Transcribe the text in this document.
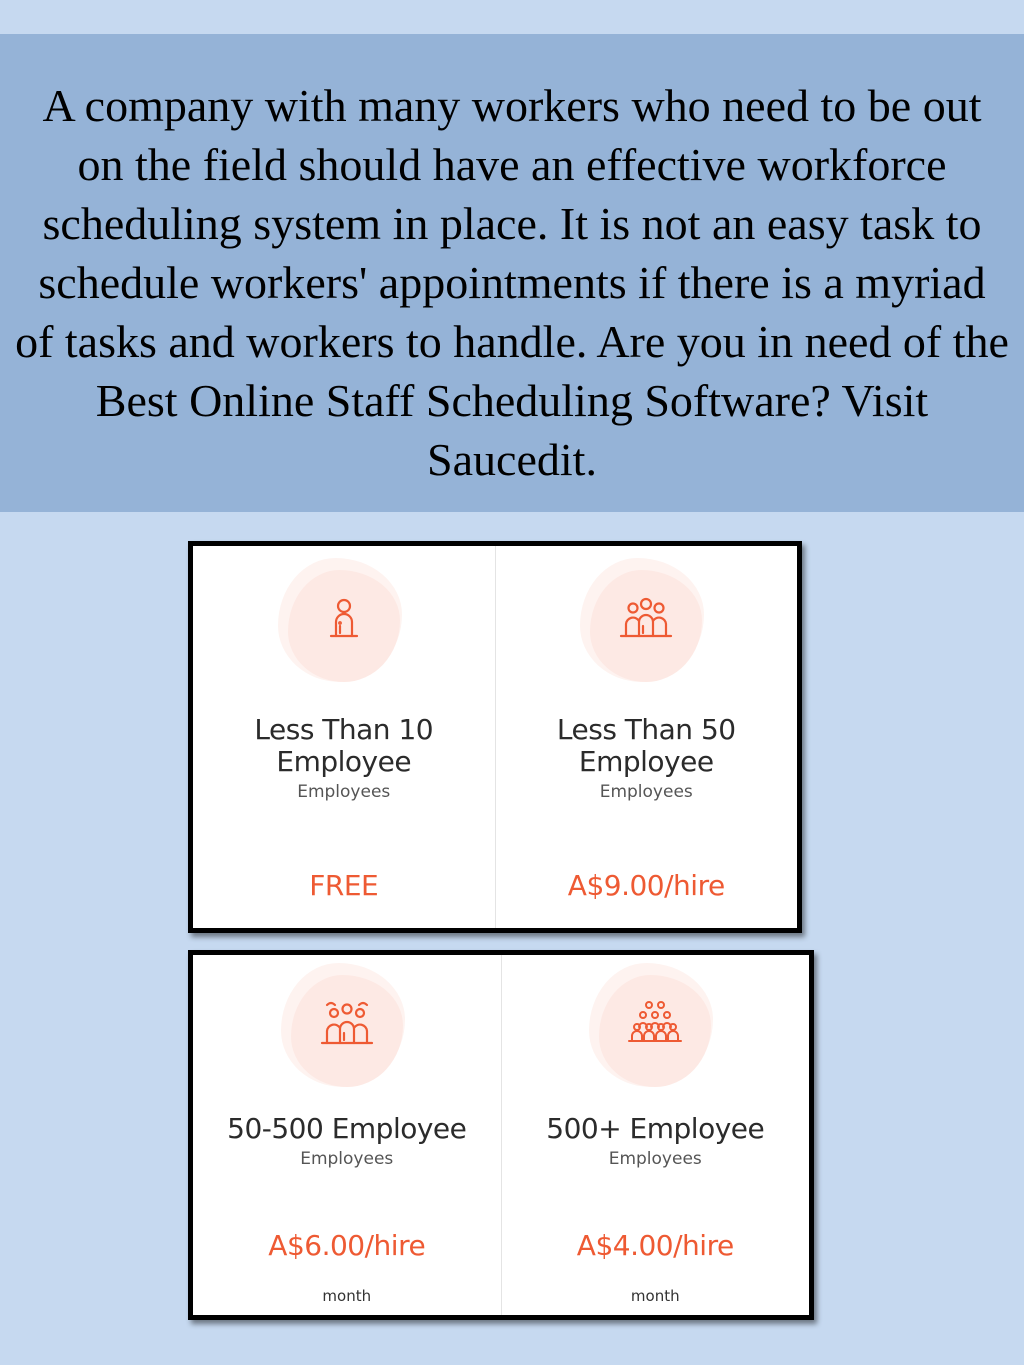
A company with many workers who need to be out on the field should have an effective workforce scheduling system in place. It is not an easy task to schedule workers' appointments if there is a myriad of tasks and workers to handle. Are you in need of the Best Online Staff Scheduling Software? Visit Saucedit.

Less Than 10
Employee
Employees
FREE
Less Than 50
Employee
Employees
A$9.00/hire
50-500 Employee
Employees
A$6.00/hire
month
500+ Employee
Employees
A$4.00/hire
month
